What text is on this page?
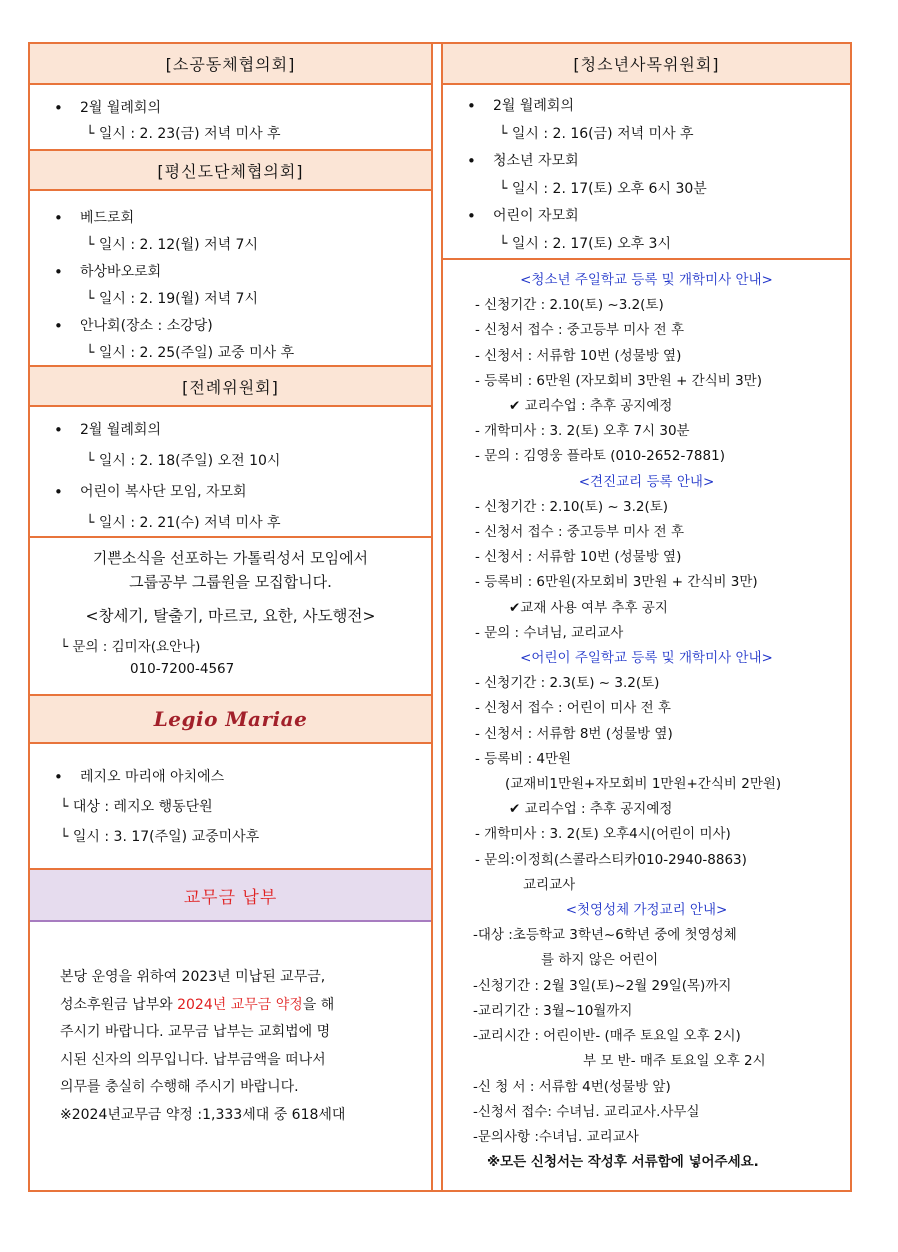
[소공동체협의회]
• 2월 월례회의
└ 일시 : 2. 23(금) 저녁 미사 후
[평신도단체협의회]
• 베드로회
└ 일시 : 2. 12(월) 저녁 7시
• 하상바오로회
└ 일시 : 2. 19(월) 저녁 7시
• 안나회(장소 : 소강당)
└ 일시 : 2. 25(주일) 교중 미사 후
[전례위원회]
• 2월 월례회의
└ 일시 : 2. 18(주일) 오전 10시
• 어린이 복사단 모임, 자모회
└ 일시 : 2. 21(수) 저녁 미사 후
기쁜소식을 선포하는 가톨릭성서 모임에서
그룹공부 그룹원을 모집합니다.
<창세기, 탈출기, 마르코, 요한, 사도행전>
└ 문의 : 김미자(요안나)
010-7200-4567
Legio Mariae
• 레지오 마리애 아치에스
└ 대상 : 레지오 행동단원
└ 일시 : 3. 17(주일) 교중미사후
교무금 납부
본당 운영을 위하여 2023년 미납된 교무금,
성소후원금 납부와 2024년 교무금 약정을 해
주시기 바랍니다. 교무금 납부는 교회법에 명
시된 신자의 의무입니다. 납부금액을 떠나서
의무를 충실히 수행해 주시기 바랍니다.
※2024년교무금 약정 :1,333세대 중 618세대
[청소년사목위원회]
• 2월 월례회의
└ 일시 : 2. 16(금) 저녁 미사 후
• 청소년 자모회
└ 일시 : 2. 17(토) 오후 6시 30분
• 어린이 자모회
└ 일시 : 2. 17(토) 오후 3시
<청소년 주일학교 등록 및 개학미사 안내>
- 신청기간 : 2.10(토) ~3.2(토)
- 신청서 접수 : 중고등부 미사 전 후
- 신청서 : 서류함 10번 (성물방 옆)
- 등록비 : 6만원 (자모회비 3만원 + 간식비 3만)
✔ 교리수업 : 추후 공지예정
- 개학미사 : 3. 2(토) 오후 7시 30분
- 문의 : 김영웅 플라토 (010-2652-7881)
<견진교리 등록 안내>
- 신청기간 : 2.10(토) ~ 3.2(토)
- 신청서 접수 : 중고등부 미사 전 후
- 신청서 : 서류함 10번 (성물방 옆)
- 등록비 : 6만원(자모회비 3만원 + 간식비 3만)
✔교재 사용 여부 추후 공지
- 문의 : 수녀님, 교리교사
<어린이 주일학교 등록 및 개학미사 안내>
- 신청기간 : 2.3(토) ~ 3.2(토)
- 신청서 접수 : 어린이 미사 전 후
- 신청서 : 서류함 8번 (성물방 옆)
- 등록비 : 4만원
(교재비1만원+자모회비 1만원+간식비 2만원)
✔ 교리수업 : 추후 공지예정
- 개학미사 : 3. 2(토) 오후4시(어린이 미사)
- 문의:이정희(스콜라스티카010-2940-8863)
교리교사
<첫영성체 가정교리 안내>
-대상 :초등학교 3학년~6학년 중에 첫영성체
를 하지 않은 어린이
-신청기간 : 2월 3일(토)~2월 29일(목)까지
-교리기간 : 3월~10월까지
-교리시간 : 어린이반- (매주 토요일 오후 2시)
부 모 반- 매주 토요일 오후 2시
-신 청 서 : 서류함 4번(성물방 앞)
-신청서 접수: 수녀님. 교리교사.사무실
-문의사항 :수녀님. 교리교사
※모든 신청서는 작성후 서류함에 넣어주세요.
